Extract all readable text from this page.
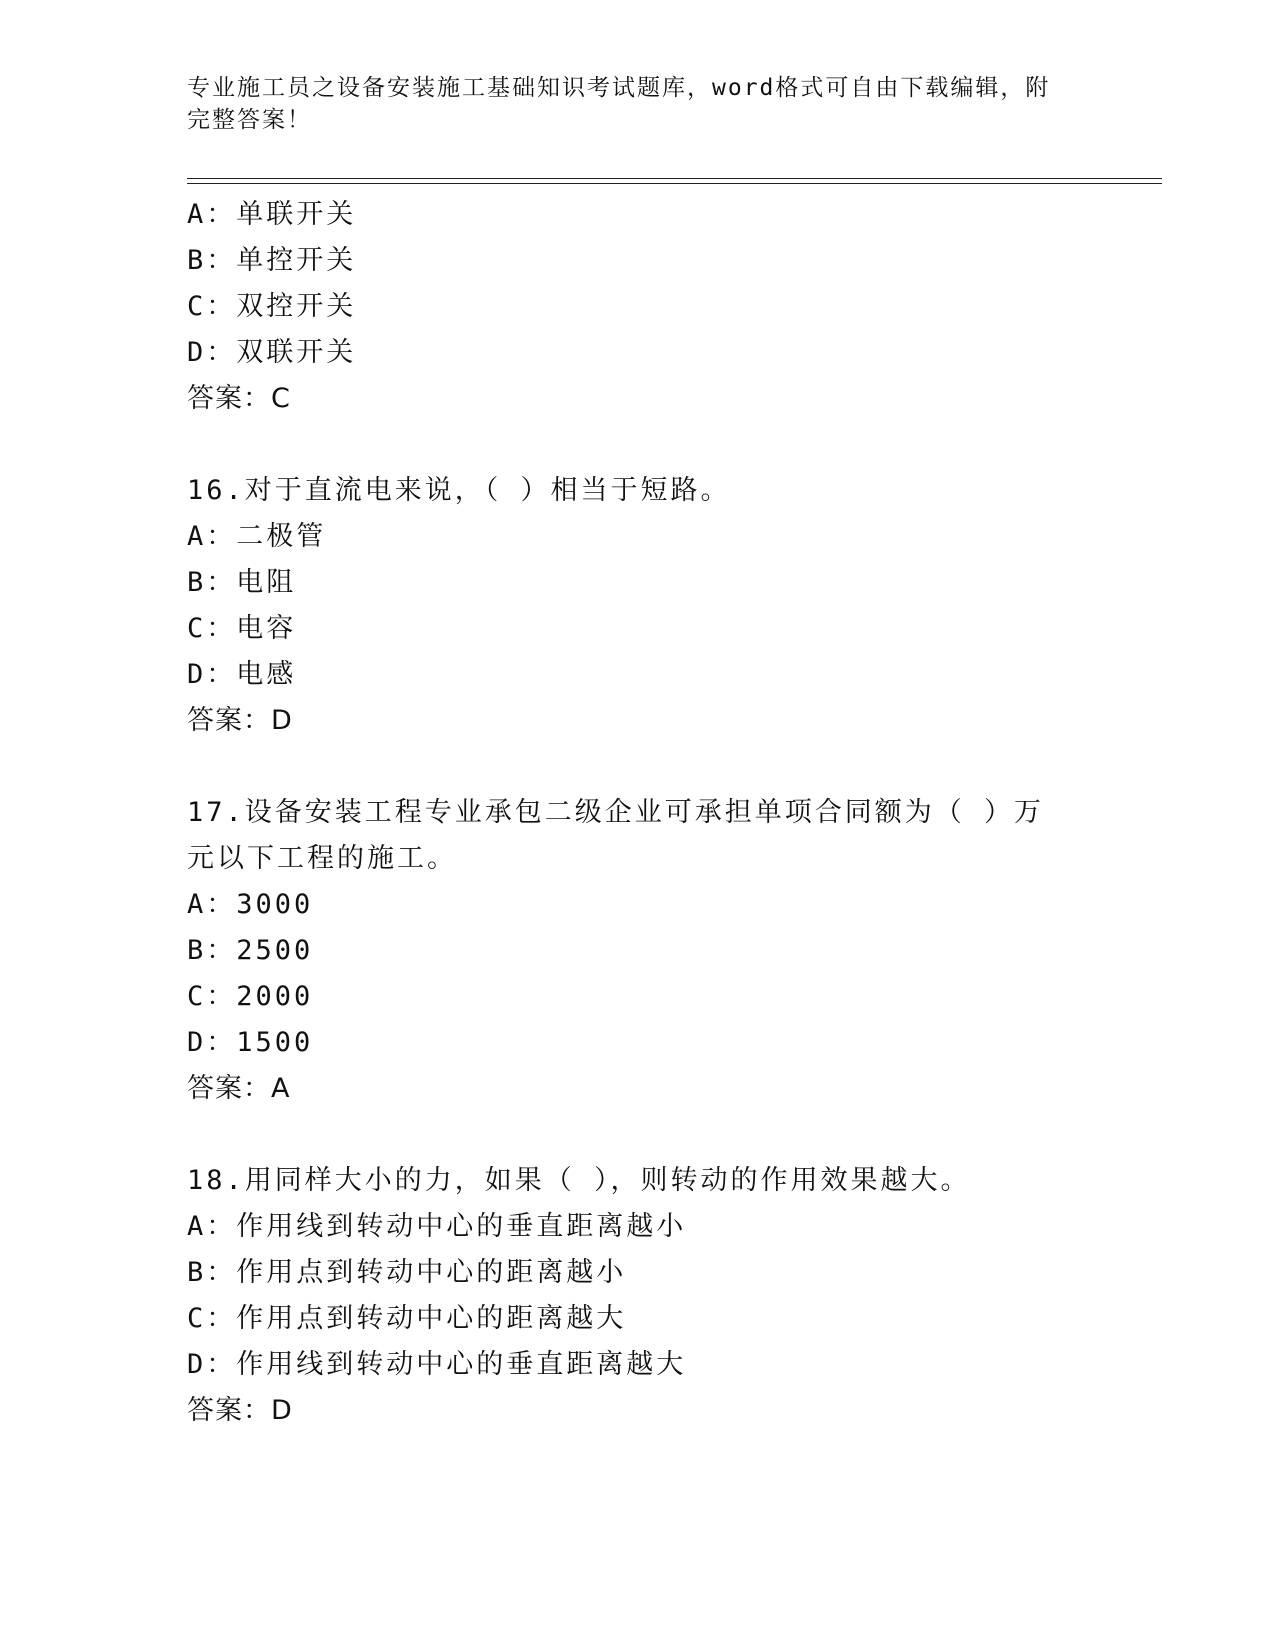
专业施工员之设备安装施工基础知识考试题库，word格式可自由下载编辑，附完整答案！
A：单联开关
B：单控开关
C：双控开关
D：双联开关
答案：C
16.对于直流电来说，（ ）相当于短路。
A：二极管
B：电阻
C：电容
D：电感
答案：D
17.设备安装工程专业承包二级企业可承担单项合同额为（ ）万元以下工程的施工。
A：3000
B：2500
C：2000
D：1500
答案：A
18.用同样大小的力，如果（ ），则转动的作用效果越大。
A：作用线到转动中心的垂直距离越小
B：作用点到转动中心的距离越小
C：作用点到转动中心的距离越大
D：作用线到转动中心的垂直距离越大
答案：D
